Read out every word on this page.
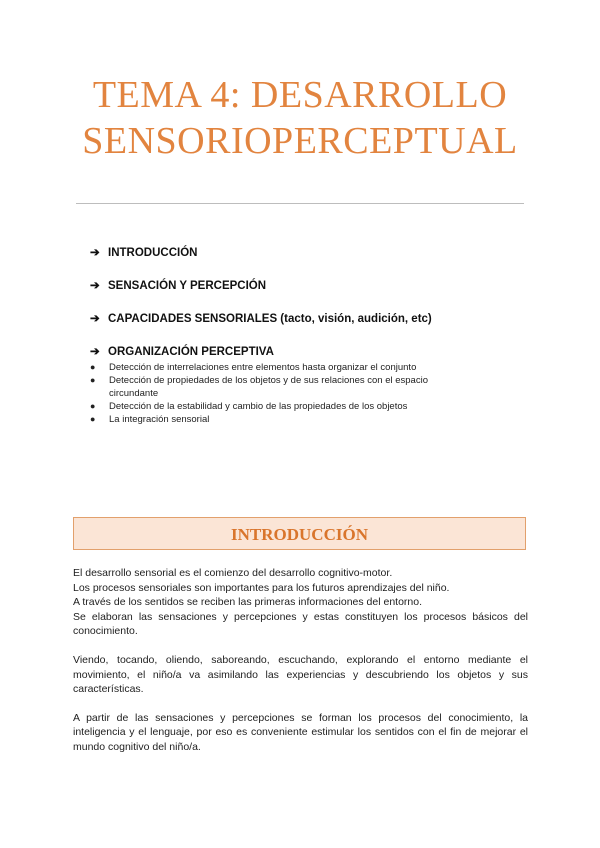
TEMA 4: DESARROLLO
SENSORIOPERCEPTUAL
➔ INTRODUCCIÓN
➔ SENSACIÓN Y PERCEPCIÓN
➔ CAPACIDADES SENSORIALES (tacto, visión, audición, etc)
➔ ORGANIZACIÓN PERCEPTIVA
● Detección de interrelaciones entre elementos hasta organizar el conjunto
● Detección de propiedades de los objetos y de sus relaciones con el espacio circundante
● Detección de la estabilidad y cambio de las propiedades de los objetos
● La integración sensorial
INTRODUCCIÓN

El desarrollo sensorial es el comienzo del desarrollo cognitivo-motor.

Los procesos sensoriales son importantes para los futuros aprendizajes del niño.

A través de los sentidos se reciben las primeras informaciones del entorno.

Se elaboran las sensaciones y percepciones y estas constituyen los procesos básicos del conocimiento.

Viendo, tocando, oliendo, saboreando, escuchando, explorando el entorno mediante el movimiento, el niño/a va asimilando las experiencias y descubriendo los objetos y sus características.

A partir de las sensaciones y percepciones se forman los procesos del conocimiento, la inteligencia y el lenguaje, por eso es conveniente estimular los sentidos con el fin de mejorar el mundo cognitivo del niño/a.
